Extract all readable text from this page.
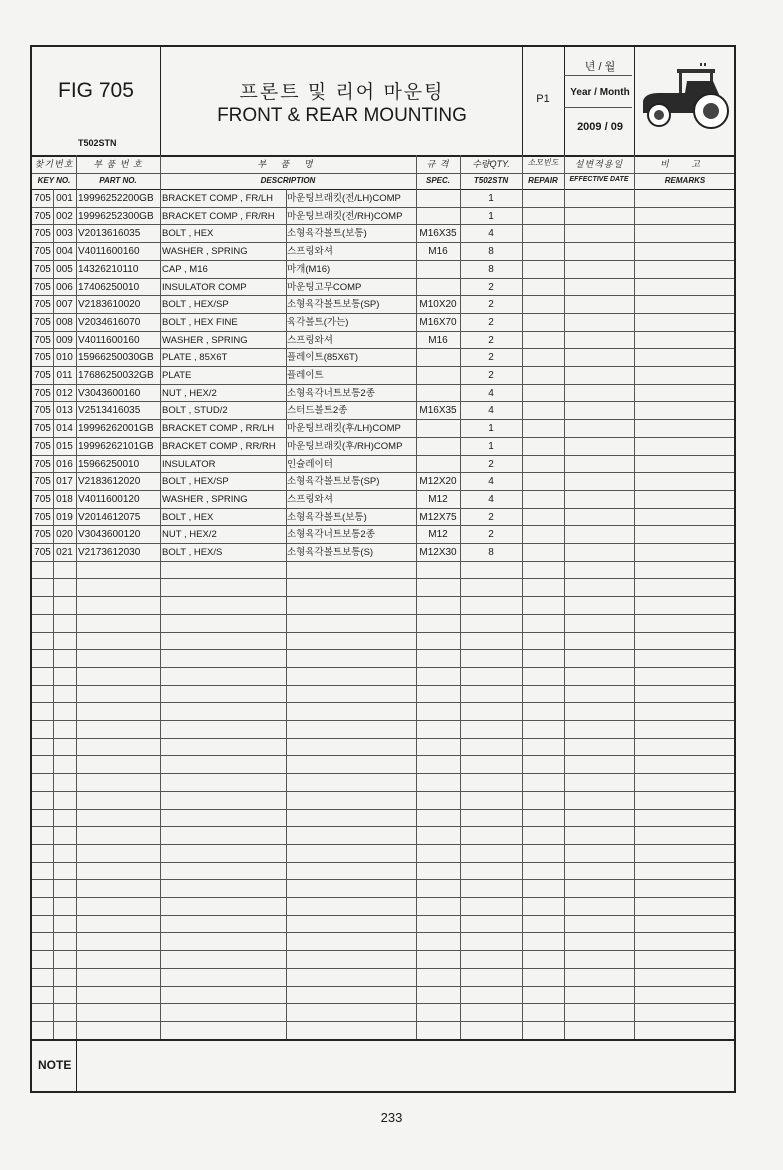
FIG 705
T502STN
프론트 및 리어 마운팅
FRONT & REAR MOUNTING
P1
년 / 월
Year / Month
2009 / 09
찾기번호
KEY NO.
부 품 번 호
PART NO.
부 품 명
DESCRIPTION
규 격
SPEC.
수량QTY.
T502STN
소모빈도
REPAIR
설변적용일
EFFECTIVE DATE
비 고
REMARKS
705 001 19996252200GB BRACKET COMP , FR/LH	마운팅브래킷(전/LH)COMP	1
705 002 19996252300GB BRACKET COMP , FR/RH	마운팅브래킷(전/RH)COMP	1
705 003 V2013616035	BOLT , HEX	소형육각볼트(보통)	M16X35	4
705 004 V4011600160	WASHER , SPRING	스프링와셔	M16	8
705 005 14326210110	CAP , M16	마개(M16)	8
705 006 17406250010	INSULATOR COMP	마운팅고무COMP	2
705 007 V2183610020	BOLT , HEX/SP	소형육각볼트보통(SP)	M10X20	2
705 008 V2034616070	BOLT , HEX FINE	육각볼트(가는)	M16X70	2
705 009 V4011600160	WASHER , SPRING	스프링와셔	M16	2
705 010 15966250030GB PLATE , 85X6T	플레이트(85X6T)	2
705 011 17686250032GB PLATE	플레이트	2
705 012 V3043600160	NUT , HEX/2	소형육각너트보통2종	4
705 013 V2513416035	BOLT , STUD/2	스터드볼트2종	M16X35	4
705 014 19996262001GB BRACKET COMP , RR/LH	마운팅브래킷(후/LH)COMP	1
705 015 19996262101GB BRACKET COMP , RR/RH	마운팅브래킷(후/RH)COMP	1
705 016 15966250010	INSULATOR	인슐레이터	2
705 017 V2183612020	BOLT , HEX/SP	소형육각볼트보통(SP)	M12X20	4
705 018 V4011600120	WASHER , SPRING	스프링와셔	M12	4
705 019 V2014612075	BOLT , HEX	소형육각볼트(보통)	M12X75	2
705 020 V3043600120	NUT , HEX/2	소형육각너트보통2종	M12	2
705 021 V2173612030	BOLT , HEX/S	소형육각볼트보통(S)	M12X30	8
NOTE
233
